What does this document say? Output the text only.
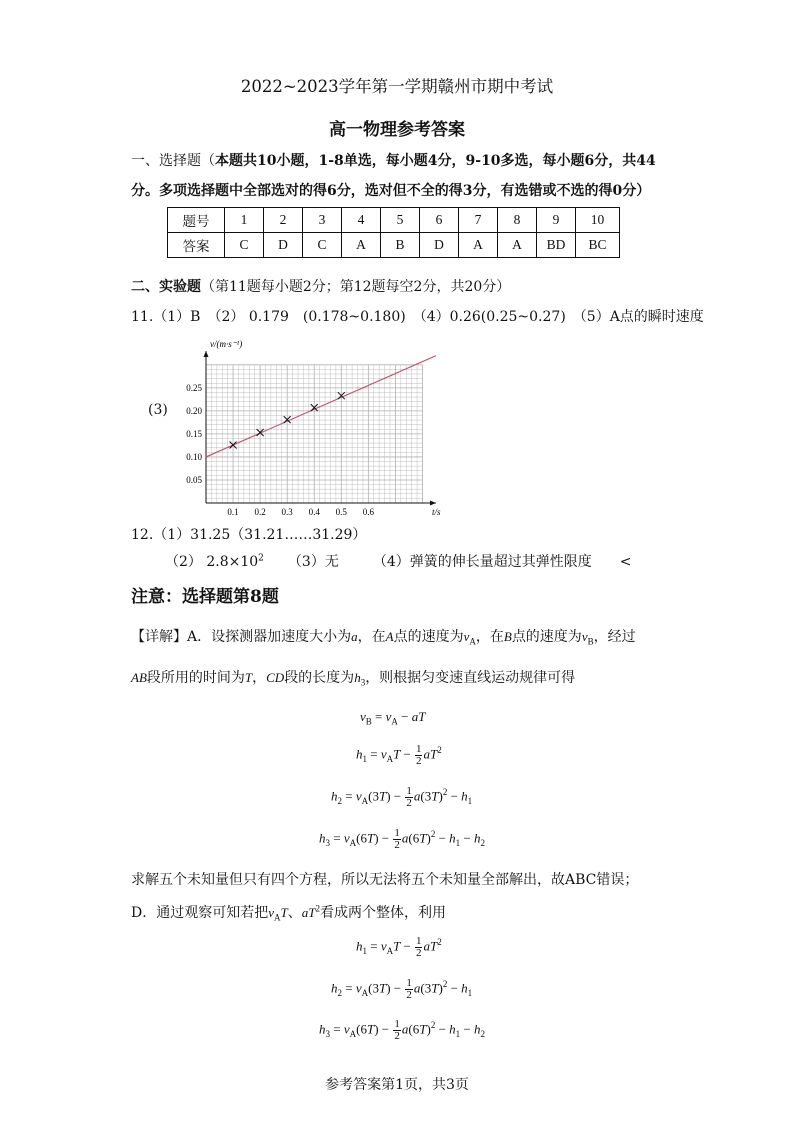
2022~2023学年第一学期赣州市期中考试
高一物理参考答案
一、选择题（本题共10小题，1-8单选，每小题4分，9-10多选，每小题6分，共44
分。多项选择题中全部选对的得6分，选对但不全的得3分，有选错或不选的得0分）
题号	1	2	3	4	5	6	7	8	9	10
答案	C	D	C	A	B	D	A	A	BD	BC
二、实验题（第11题每小题2分；第12题每空2分，共20分）
11.（1）B　（2） 0.179　(0.178~0.180)　（4）0.26(0.25~0.27)　（5）A点的瞬时速度
(3)
0.1 0.2 0.3 0.4 0.5 0.6
0.05
0.10
0.15
0.20
0.25
v/(m·s⁻¹)
t/s
12.（1）31.25（31.21……31.29）
（2） $2.8\times 10^2$ （3）无 （4）弹簧的伸长量超过其弹性限度 <
注意：选择题第8题
【详解】A．设探测器加速度大小为a，在A点的速度为$v_A$，在B点的速度为$v_B$，经过
AB段所用的时间为T，CD段的长度为$h_3$，则根据匀变速直线运动规律可得
$v_B = v_A$ − aT
$h_1 = v_AT - \frac{1}{2} aT^2$
$h_2 = v_A(3T) - \frac{1}{2} a(3T)^2 - h_1$
$h_3 = v_A(6T) - \frac{1}{2} a(6T)^2 - h_1 - h_2$
求解五个未知量但只有四个方程，所以无法将五个未知量全部解出，故ABC错误；
D．通过观察可知若把$v_AT$、$aT^2$看成两个整体，利用
$h_1 = v_AT - \frac{1}{2} aT^2$
$h_2 = v_A(3T) - \frac{1}{2} a(3T)^2 - h_1$
$h_3 = v_A(6T) - \frac{1}{2} a(6T)^2 - h_1 - h_2$
参考答案第1页，共3页
